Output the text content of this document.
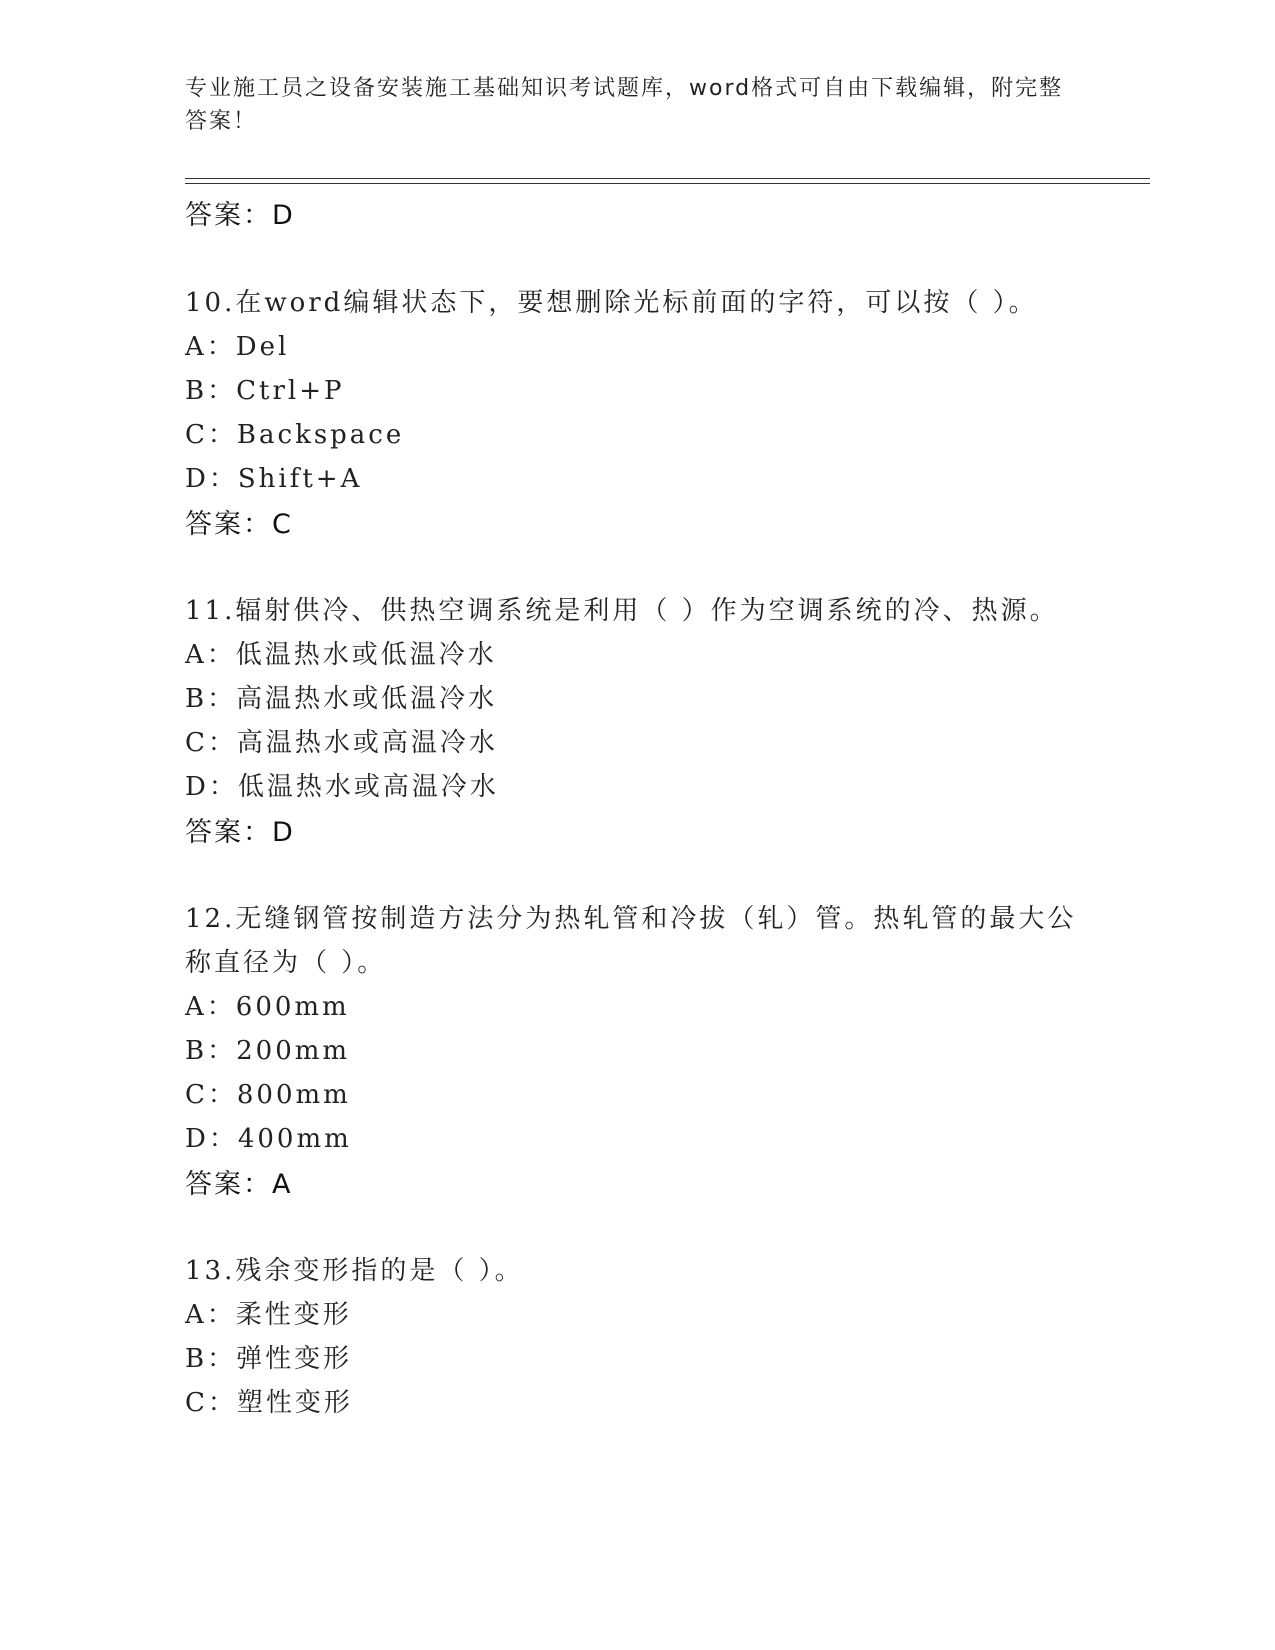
专业施工员之设备安装施工基础知识考试题库，word格式可自由下载编辑，附完整答案！
答案：D
10.在word编辑状态下，要想删除光标前面的字符，可以按（ ）。
A：Del
B：Ctrl+P
C：Backspace
D：Shift+A
答案：C
11.辐射供冷、供热空调系统是利用（ ）作为空调系统的冷、热源。
A：低温热水或低温冷水
B：高温热水或低温冷水
C：高温热水或高温冷水
D：低温热水或高温冷水
答案：D
12.无缝钢管按制造方法分为热轧管和冷拔（轧）管。热轧管的最大公
称直径为（ ）。
A：600mm
B：200mm
C：800mm
D：400mm
答案：A
13.残余变形指的是（ ）。
A：柔性变形
B：弹性变形
C：塑性变形
